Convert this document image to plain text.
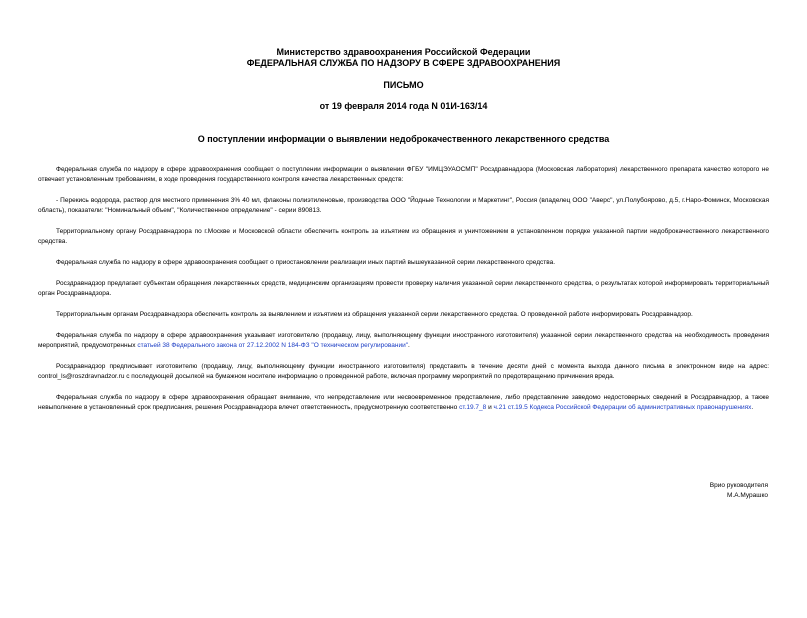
Министерство здравоохранения Российской Федерации
ФЕДЕРАЛЬНАЯ СЛУЖБА ПО НАДЗОРУ В СФЕРЕ ЗДРАВООХРАНЕНИЯ
ПИСЬМО
от 19 февраля 2014 года N 01И-163/14
О поступлении информации о выявлении недоброкачественного лекарственного средства

Федеральная служба по надзору в сфере здравоохранения сообщает о поступлении информации о выявлении ФГБУ "ИМЦЭУАОСМП" Росздравнадзора (Московская лаборатория) лекарственного препарата качество которого не отвечает установленным требованиям, в ходе проведения государственного контроля качества лекарственных средств:

- Перекись водорода, раствор для местного применения 3% 40 мл, флаконы полиэтиленовые, производства ООО "Йодные Технологии и Маркетинг", Россия (владелец ООО "Аверс", ул.Полубоярово, д.5, г.Наро-Фоминск, Московская область), показатели: "Номинальный объем", "Количественное определение" - серии 890813.

Территориальному органу Росздравнадзора по г.Москве и Московской области обеспечить контроль за изъятием из обращения и уничтожением в установленном порядке указанной партии недоброкачественного лекарственного средства.

Федеральная служба по надзору в сфере здравоохранения сообщает о приостановлении реализации иных партий вышеуказанной серии лекарственного средства.

Росздравнадзор предлагает субъектам обращения лекарственных средств, медицинским организациям провести проверку наличия указанной серии лекарственного средства, о результатах которой информировать территориальный орган Росздравнадзора.

Территориальным органам Росздравнадзора обеспечить контроль за выявлением и изъятием из обращения указанной серии лекарственного средства. О проведенной работе информировать Росздравнадзор.

Федеральная служба по надзору в сфере здравоохранения указывает изготовителю (продавцу, лицу, выполняющему функции иностранного изготовителя) указанной серии лекарственного средства на необходимость проведения мероприятий, предусмотренных статьей 38 Федерального закона от 27.12.2002 N 184-ФЗ "О техническом регулировании".

Росздравнадзор предписывает изготовителю (продавцу, лицу, выполняющему функции иностранного изготовителя) представить в течение десяти дней с момента выхода данного письма в электронном виде на адрес: control_ls@roszdravnadzor.ru с последующей досылкой на бумажном носителе информацию о проведенной работе, включая программу мероприятий по предотвращению причинения вреда.

Федеральная служба по надзору в сфере здравоохранения обращает внимание, что непредставление или несвоевременное представление, либо представление заведомо недостоверных сведений в Росздравнадзор, а также невыполнение в установленный срок предписания, решения Росздравнадзора влечет ответственность, предусмотренную соответственно ст.19.7_8 и ч.21 ст.19.5 Кодекса Российской Федерации об административных правонарушениях.

Врио руководителя
М.А.Мурашко
